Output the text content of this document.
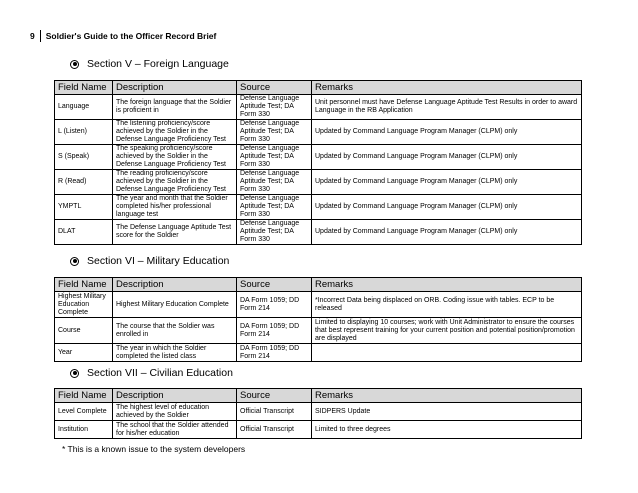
9	Soldier's Guide to the Officer Record Brief
Section V – Foreign Language
Field Name	Description	Source	Remarks
Language	The foreign language that the Soldier is proficient in	Defense Language Aptitude Test; DA Form 330	Unit personnel must have Defense Language Aptitude Test Results in order to award Language in the RB Application
L (Listen)	The listening proficiency/score achieved by the Soldier in the Defense Language Proficiency Test	Defense Language Aptitude Test; DA Form 330	Updated by Command Language Program Manager (CLPM) only
S (Speak)	The speaking proficiency/score achieved by the Soldier in the Defense Language Proficiency Test	Defense Language Aptitude Test; DA Form 330	Updated by Command Language Program Manager (CLPM) only
R (Read)	The reading proficiency/score achieved by the Soldier in the Defense Language Proficiency Test	Defense Language Aptitude Test; DA Form 330	Updated by Command Language Program Manager (CLPM) only
YMPTL	The year and month that the Soldier completed his/her professional language test	Defense Language Aptitude Test; DA Form 330	Updated by Command Language Program Manager (CLPM) only
DLAT	The Defense Language Aptitude Test score for the Soldier	Defense Language Aptitude Test; DA Form 330	Updated by Command Language Program Manager (CLPM) only
Section VI – Military Education
Field Name	Description	Source	Remarks
Highest Military Education Complete	Highest Military Education Complete	DA Form 1059; DD Form 214	*Incorrect Data being displaced on ORB. Coding issue with tables. ECP to be released
Course	The course that the Soldier was enrolled in	DA Form 1059; DD Form 214	Limited to displaying 10 courses; work with Unit Administrator to ensure the courses that best represent training for your current position and potential position/promotion are displayed
Year	The year in which the Soldier completed the listed class	DA Form 1059; DD Form 214	
Section VII – Civilian Education
Field Name	Description	Source	Remarks
Level Complete	The highest level of education achieved by the Soldier	Official Transcript	SIDPERS Update
Institution	The school that the Soldier attended for his/her education	Official Transcript	Limited to three degrees
* This is a known issue to the system developers
